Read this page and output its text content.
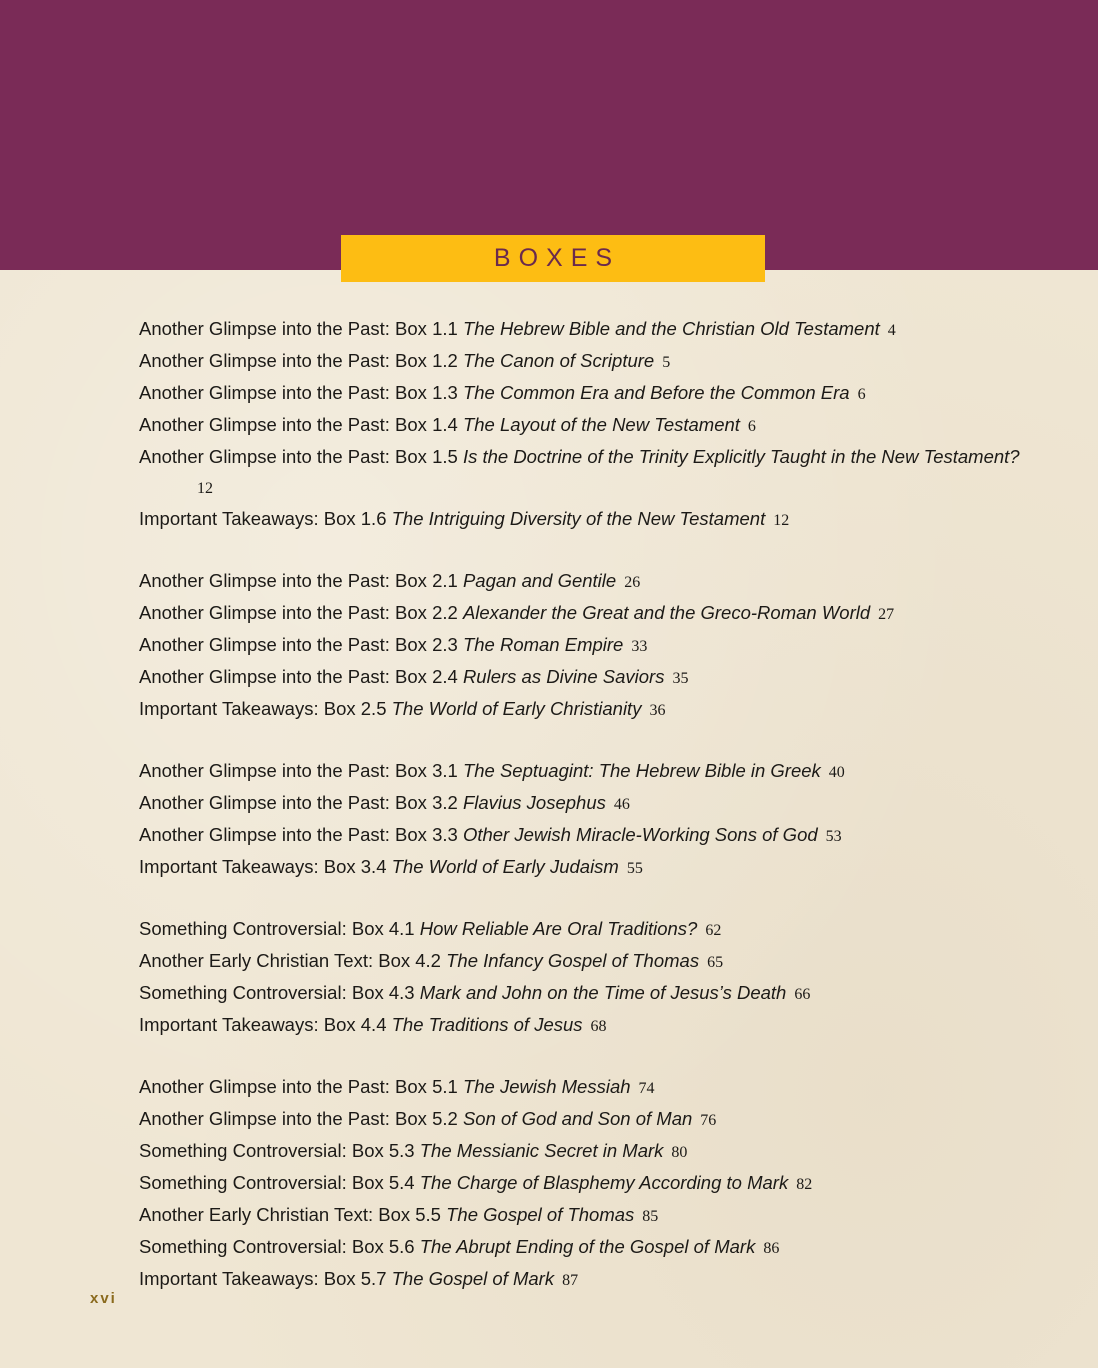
BOXES
Another Glimpse into the Past: Box 1.1 The Hebrew Bible and the Christian Old Testament 4
Another Glimpse into the Past: Box 1.2 The Canon of Scripture 5
Another Glimpse into the Past: Box 1.3 The Common Era and Before the Common Era 6
Another Glimpse into the Past: Box 1.4 The Layout of the New Testament 6
Another Glimpse into the Past: Box 1.5 Is the Doctrine of the Trinity Explicitly Taught in the New Testament?12
Important Takeaways: Box 1.6 The Intriguing Diversity of the New Testament 12
Another Glimpse into the Past: Box 2.1 Pagan and Gentile 26
Another Glimpse into the Past: Box 2.2 Alexander the Great and the Greco-Roman World 27
Another Glimpse into the Past: Box 2.3 The Roman Empire 33
Another Glimpse into the Past: Box 2.4 Rulers as Divine Saviors 35
Important Takeaways: Box 2.5 The World of Early Christianity 36
Another Glimpse into the Past: Box 3.1 The Septuagint: The Hebrew Bible in Greek 40
Another Glimpse into the Past: Box 3.2 Flavius Josephus 46
Another Glimpse into the Past: Box 3.3 Other Jewish Miracle-Working Sons of God 53
Important Takeaways: Box 3.4 The World of Early Judaism 55
Something Controversial: Box 4.1 How Reliable Are Oral Traditions? 62
Another Early Christian Text: Box 4.2 The Infancy Gospel of Thomas 65
Something Controversial: Box 4.3 Mark and John on the Time of Jesus’s Death 66
Important Takeaways: Box 4.4 The Traditions of Jesus 68
Another Glimpse into the Past: Box 5.1 The Jewish Messiah 74
Another Glimpse into the Past: Box 5.2 Son of God and Son of Man 76
Something Controversial: Box 5.3 The Messianic Secret in Mark 80
Something Controversial: Box 5.4 The Charge of Blasphemy According to Mark 82
Another Early Christian Text: Box 5.5 The Gospel of Thomas 85
Something Controversial: Box 5.6 The Abrupt Ending of the Gospel of Mark 86
Important Takeaways: Box 5.7 The Gospel of Mark 87
xvi
